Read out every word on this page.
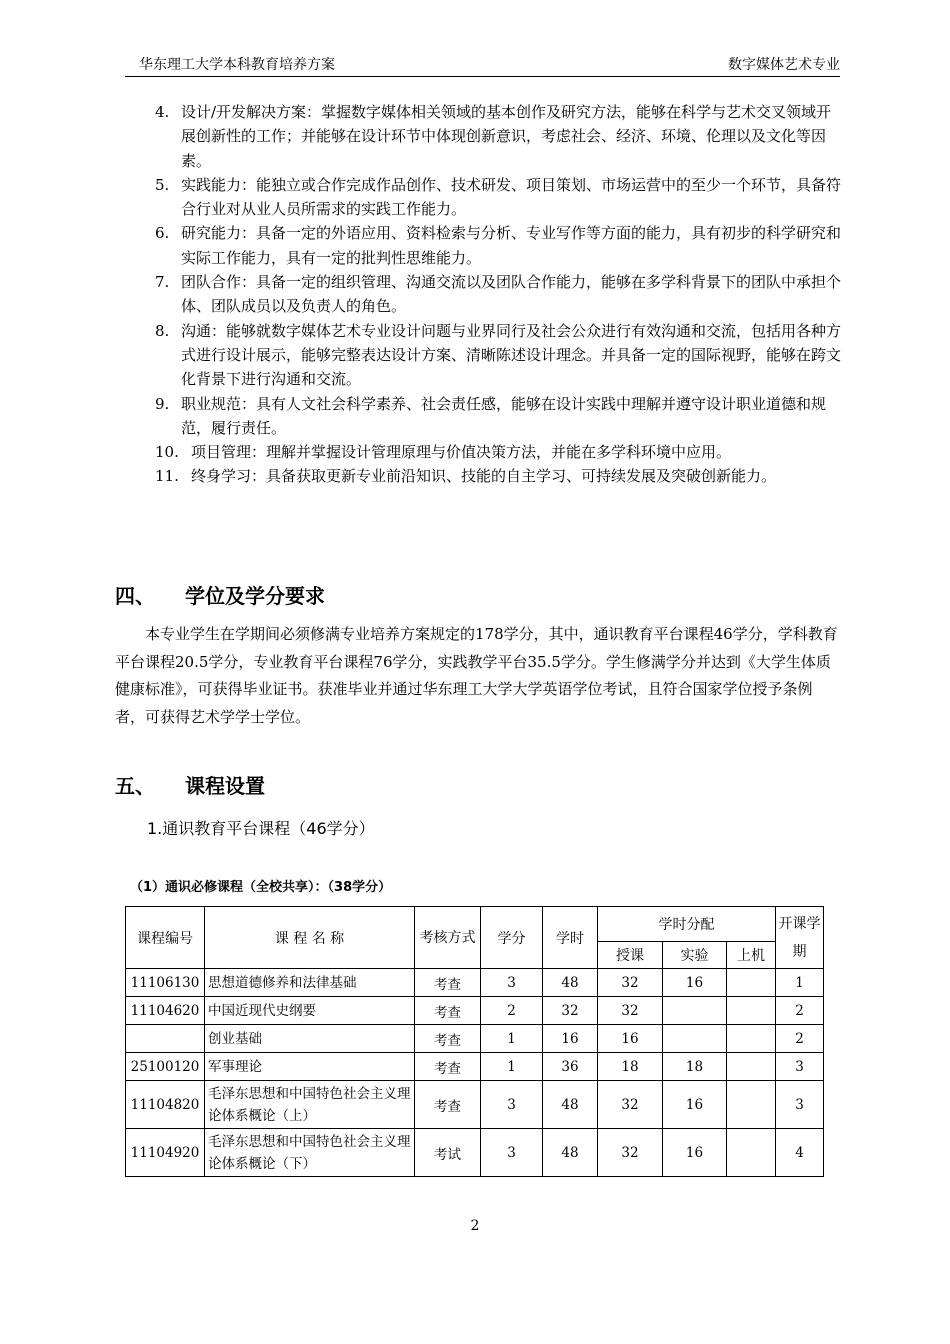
华东理工大学本科教育培养方案	数字媒体艺术专业
4. 设计/开发解决方案：掌握数字媒体相关领域的基本创作及研究方法，能够在科学与艺术交叉领域开展创新性的工作；并能够在设计环节中体现创新意识，考虑社会、经济、环境、伦理以及文化等因素。
5. 实践能力：能独立或合作完成作品创作、技术研发、项目策划、市场运营中的至少一个环节，具备符合行业对从业人员所需求的实践工作能力。
6. 研究能力：具备一定的外语应用、资料检索与分析、专业写作等方面的能力，具有初步的科学研究和实际工作能力，具有一定的批判性思维能力。
7. 团队合作：具备一定的组织管理、沟通交流以及团队合作能力，能够在多学科背景下的团队中承担个体、团队成员以及负责人的角色。
8. 沟通：能够就数字媒体艺术专业设计问题与业界同行及社会公众进行有效沟通和交流，包括用各种方式进行设计展示，能够完整表达设计方案、清晰陈述设计理念。并具备一定的国际视野，能够在跨文化背景下进行沟通和交流。
9. 职业规范：具有人文社会科学素养、社会责任感，能够在设计实践中理解并遵守设计职业道德和规范，履行责任。
10. 项目管理：理解并掌握设计管理原理与价值决策方法，并能在多学科环境中应用。
11. 终身学习：具备获取更新专业前沿知识、技能的自主学习、可持续发展及突破创新能力。
四、 学位及学分要求
本专业学生在学期间必须修满专业培养方案规定的178学分，其中，通识教育平台课程46学分，学科教育平台课程20.5学分，专业教育平台课程76学分，实践教学平台35.5学分。学生修满学分并达到《大学生体质健康标准》，可获得毕业证书。获准毕业并通过华东理工大学大学英语学位考试，且符合国家学位授予条例者，可获得艺术学学士学位。
五、 课程设置
1.通识教育平台课程（46学分）
（1）通识必修课程（全校共享）：（38学分）
课程编号	课 程 名 称	考核方式	学分	学时	学时分配			开课学期
					授课	实验	上机	
11106130	思想道德修养和法律基础	考查	3	48	32	16		1
11104620	中国近现代史纲要	考查	2	32	32			2
	创业基础	考查	1	16	16			2
25100120	军事理论	考查	1	36	18	18		3
11104820	毛泽东思想和中国特色社会主义理论体系概论（上）	考查	3	48	32	16		3
11104920	毛泽东思想和中国特色社会主义理论体系概论（下）	考试	3	48	32	16		4
2
